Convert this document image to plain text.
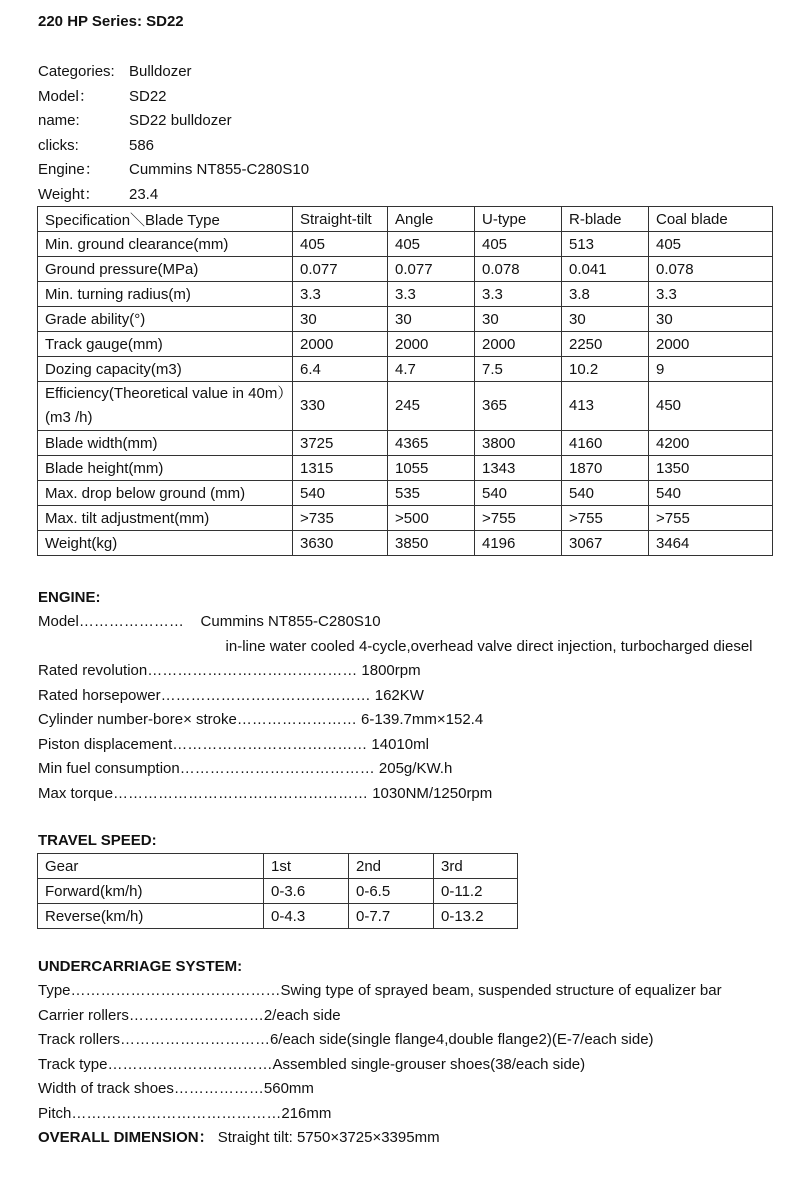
220 HP Series: SD22
Categories: Bulldozer
Model： SD22
name:	SD22 bulldozer
clicks:	586
Engine： Cummins NT855-C280S10
Weight： 23.4
Specification＼Blade Type	Straight-tilt	Angle	U-type	R-blade	Coal blade
Min. ground clearance(mm)	405	405	405	513	405
Ground pressure(MPa)	0.077	0.077	0.078	0.041	0.078
Min. turning radius(m)	3.3	3.3	3.3	3.8	3.3
Grade ability(°)	30	30	30	30	30
Track gauge(mm)	2000	2000	2000	2250	2000
Dozing capacity(m3)	6.4	4.7	7.5	10.2	9
Efficiency(Theoretical value in 40m）(m3 /h)	330	245	365	413	450
Blade width(mm)	3725	4365	3800	4160	4200
Blade height(mm)	1315	1055	1343	1870	1350
Max. drop below ground (mm)	540	535	540	540	540
Max. tilt adjustment(mm)	>735	>500	>755	>755	>755
Weight(kg)	3630	3850	4196	3067	3464
ENGINE:
Model…………………    Cummins NT855-C280S10
in-line water cooled 4-cycle,overhead valve direct injection, turbocharged diesel
Rated revolution…………………………………… 1800rpm
Rated horsepower…………………………………… 162KW
Cylinder number-bore× stroke…………………… 6-139.7mm×152.4
Piston displacement………………………………… 14010ml
Min fuel consumption………………………………… 205g/KW.h
Max torque…………………………………………… 1030NM/1250rpm
TRAVEL SPEED:
Gear	1st	2nd	3rd
Forward(km/h)	0-3.6	0-6.5	0-11.2
Reverse(km/h)	0-4.3	0-7.7	0-13.2
UNDERCARRIAGE SYSTEM:
Type……………………………………Swing type of sprayed beam, suspended structure of equalizer bar
Carrier rollers………………………2/each side
Track rollers…………………………6/each side(single flange4,double flange2)(E-7/each side)
Track type……………………………Assembled single-grouser shoes(38/each side)
Width of track shoes………………560mm
Pitch……………………………………216mm
OVERALL DIMENSION： Straight tilt: 5750×3725×3395mm
